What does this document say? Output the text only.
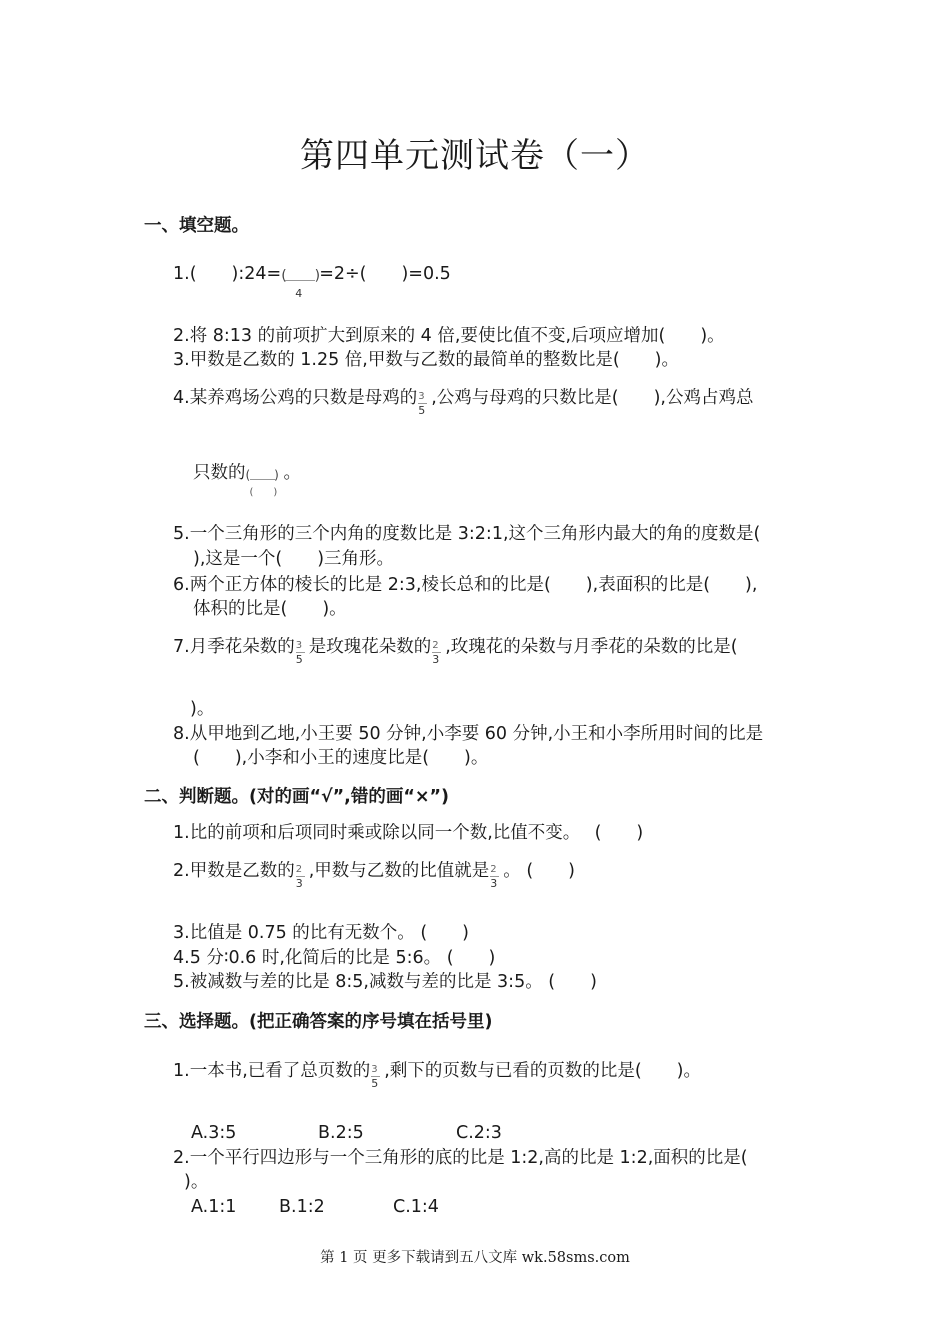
第四单元测试卷（一）
一、填空题。
1.(　　):24= (　　)
4
=2÷(　　)=0.5
2.将 8:13 的前项扩大到原来的 4 倍,要使比值不变,后项应增加(　　)。
3.甲数是乙数的 1.25 倍,甲数与乙数的最简单的整数比是(　　)。
4.某养鸡场公鸡的只数是母鸡的 $\frac{3}{5}$ ,公鸡与母鸡的只数比是(　　),公鸡占鸡总
只数的 (　　)
(　　)
。
5.一个三角形的三个内角的度数比是 3:2:1,这个三角形内最大的角的度数是(
),这是一个(　　)三角形。
6.两个正方体的棱长的比是 2:3,棱长总和的比是(　　),表面积的比是(　　),
体积的比是(　　)。
7.月季花朵数的 $\frac{3}{5}$ 是玫瑰花朵数的 $\frac{2}{3}$ ,玫瑰花的朵数与月季花的朵数的比是(
)。
8.从甲地到乙地,小王要 50 分钟,小李要 60 分钟,小王和小李所用时间的比是
(　　),小李和小王的速度比是(　　)。
二、判断题。(对的画“√”,错的画“×”)
1.比的前项和后项同时乘或除以同一个数,比值不变。　 (　　)
2.甲数是乙数的 $\frac{2}{3}$ ,甲数与乙数的比值就是 $\frac{2}{3}$ 。 (　　)
3.比值是 0.75 的比有无数个。 (　　)
4.5 分∶0.6 时,化简后的比是 5:6。 (　　)
5.被减数与差的比是 8:5,减数与差的比是 3:5。 (　　)
三、选择题。(把正确答案的序号填在括号里)
1.一本书,已看了总页数的 $\frac{3}{5}$ ,剩下的页数与已看的页数的比是(　　)。
A.3:5	B.2:5	C.2:3
2.一个平行四边形与一个三角形的底的比是 1:2,高的比是 1:2,面积的比是(
)。
A.1:1 B.1:2	C.1:4
第 1 页 更多下载请到五八文库 wk.58sms.com
